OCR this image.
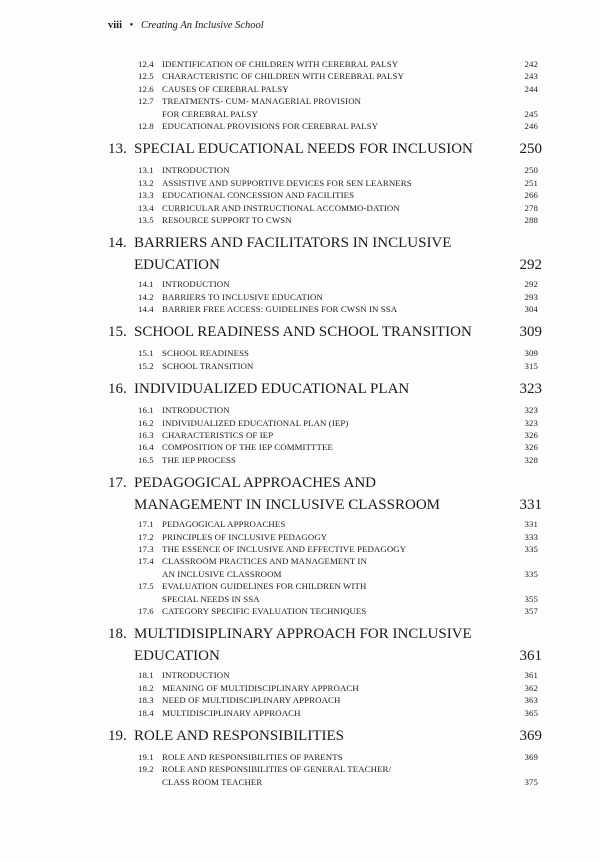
viii • Creating An Inclusive School
12.4 IDENTIFICATION OF CHILDREN WITH CEREBRAL PALSY	242
12.5 CHARACTERISTIC OF CHILDREN WITH CEREBRAL PALSY	243
12.6 CAUSES OF CEREBRAL PALSY	244
12.7 TREATMENTS- CUM- MANAGERIAL PROVISION
FOR CEREBRAL PALSY	245
12.8 EDUCATIONAL PROVISIONS FOR CEREBRAL PALSY	246
13. SPECIAL EDUCATIONAL NEEDS FOR INCLUSION	250
13.1 INTRODUCTION	250
13.2 ASSISTIVE AND SUPPORTIVE DEVICES FOR SEN LEARNERS	251
13.3 EDUCATIONAL CONCESSION AND FACILITIES	266
13.4 CURRICULAR AND INSTRUCTIONAL ACCOMMO-DATION	278
13.5 RESOURCE SUPPORT TO CWSN	288
14. BARRIERS AND FACILITATORS IN INCLUSIVE
EDUCATION	292
14.1 INTRODUCTION	292
14.2 BARRIERS TO INCLUSIVE EDUCATION	293
14.4 BARRIER FREE ACCESS: GUIDELINES FOR CWSN IN SSA	304
15. SCHOOL READINESS AND SCHOOL TRANSITION	309
15.1 SCHOOL READINESS	309
15.2 SCHOOL TRANSITION	315
16. INDIVIDUALIZED EDUCATIONAL PLAN	323
16.1 INTRODUCTION	323
16.2 INDIVIDUALIZED EDUCATIONAL PLAN (IEP)	323
16.3 CHARACTERISTICS OF IEP	326
16.4 COMPOSITION OF THE IEP COMMITTTEE	326
16.5 THE IEP PROCESS	328
17. PEDAGOGICAL APPROACHES AND
MANAGEMENT IN INCLUSIVE CLASSROOM	331
17.1 PEDAGOGICAL APPROACHES	331
17.2 PRINCIPLES OF INCLUSIVE PEDAGOGY	333
17.3 THE ESSENCE OF INCLUSIVE AND EFFECTIVE PEDAGOGY	335
17.4 CLASSROOM PRACTICES AND MANAGEMENT IN
AN INCLUSIVE CLASSROOM	335
17.5 EVALUATION GUIDELINES FOR CHILDREN WITH
SPECIAL NEEDS IN SSA	355
17.6 CATEGORY SPECIFIC EVALUATION TECHNIQUES	357
18. MULTIDISIPLINARY APPROACH FOR INCLUSIVE
EDUCATION	361
18.1 INTRODUCTION	361
18.2 MEANING OF MULTIDISCIPLINARY APPROACH	362
18.3 NEED OF MULTIDISCIPLINARY APPROACH	363
18.4 MULTIDISCIPLINARY APPROACH	365
19. ROLE AND RESPONSIBILITIES	369
19.1 ROLE AND RESPONSIBILITIES OF PARENTS	369
19.2 ROLE AND RESPONSIBILITIES OF GENERAL TEACHER/
CLASS ROOM TEACHER	375
